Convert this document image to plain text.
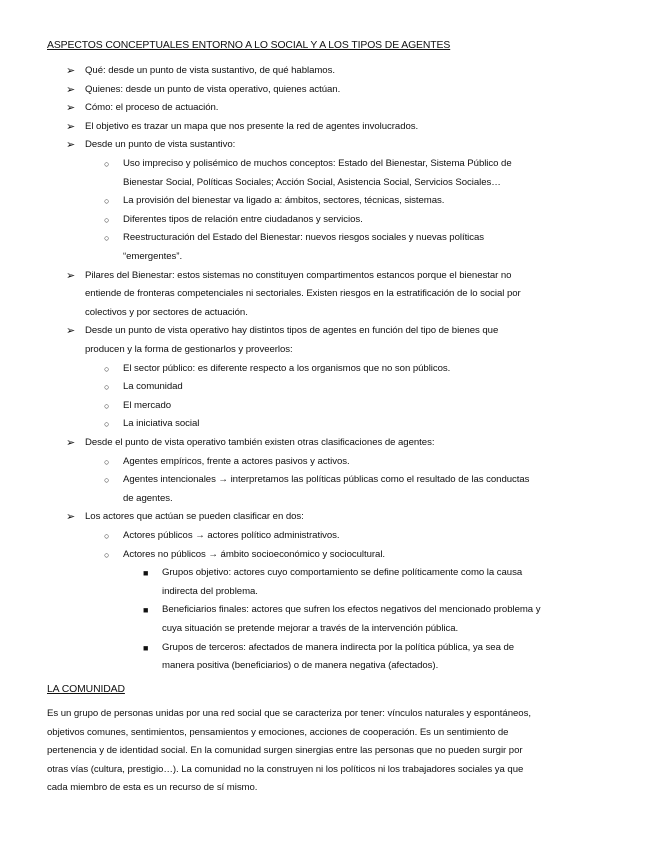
ASPECTOS CONCEPTUALES ENTORNO A LO SOCIAL Y A LOS TIPOS DE AGENTES
➢ Qué: desde un punto de vista sustantivo, de qué hablamos.
➢ Quienes: desde un punto de vista operativo, quienes actúan.
➢ Cómo: el proceso de actuación.
➢ El objetivo es trazar un mapa que nos presente la red de agentes involucrados.
➢ Desde un punto de vista sustantivo:
○ Uso impreciso y polisémico de muchos conceptos: Estado del Bienestar, Sistema Público de
Bienestar Social, Políticas Sociales; Acción Social, Asistencia Social, Servicios Sociales…
○ La provisión del bienestar va ligado a: ámbitos, sectores, técnicas, sistemas.
○ Diferentes tipos de relación entre ciudadanos y servicios.
○ Reestructuración del Estado del Bienestar: nuevos riesgos sociales y nuevas políticas
“emergentes”.
➢ Pilares del Bienestar: estos sistemas no constituyen compartimentos estancos porque el bienestar no
entiende de fronteras competenciales ni sectoriales. Existen riesgos en la estratificación de lo social por
colectivos y por sectores de actuación.
➢ Desde un punto de vista operativo hay distintos tipos de agentes en función del tipo de bienes que
producen y la forma de gestionarlos y proveerlos:
○ El sector público: es diferente respecto a los organismos que no son públicos.
○ La comunidad
○ El mercado
○ La iniciativa social
➢ Desde el punto de vista operativo también existen otras clasificaciones de agentes:
○ Agentes empíricos, frente a actores pasivos y activos.
○ Agentes intencionales → interpretamos las políticas públicas como el resultado de las conductas
de agentes.
➢ Los actores que actúan se pueden clasificar en dos:
○ Actores públicos → actores político administrativos.
○ Actores no públicos → ámbito socioeconómico y sociocultural.
■ Grupos objetivo: actores cuyo comportamiento se define políticamente como la causa
indirecta del problema.
■ Beneficiarios finales: actores que sufren los efectos negativos del mencionado problema y
cuya situación se pretende mejorar a través de la intervención pública.
■ Grupos de terceros: afectados de manera indirecta por la política pública, ya sea de
manera positiva (beneficiarios) o de manera negativa (afectados).
LA COMUNIDAD
Es un grupo de personas unidas por una red social que se caracteriza por tener: vínculos naturales y espontáneos,
objetivos comunes, sentimientos, pensamientos y emociones, acciones de cooperación. Es un sentimiento de
pertenencia y de identidad social. En la comunidad surgen sinergias entre las personas que no pueden surgir por
otras vías (cultura, prestigio…). La comunidad no la construyen ni los políticos ni los trabajadores sociales ya que
cada miembro de esta es un recurso de sí mismo.
